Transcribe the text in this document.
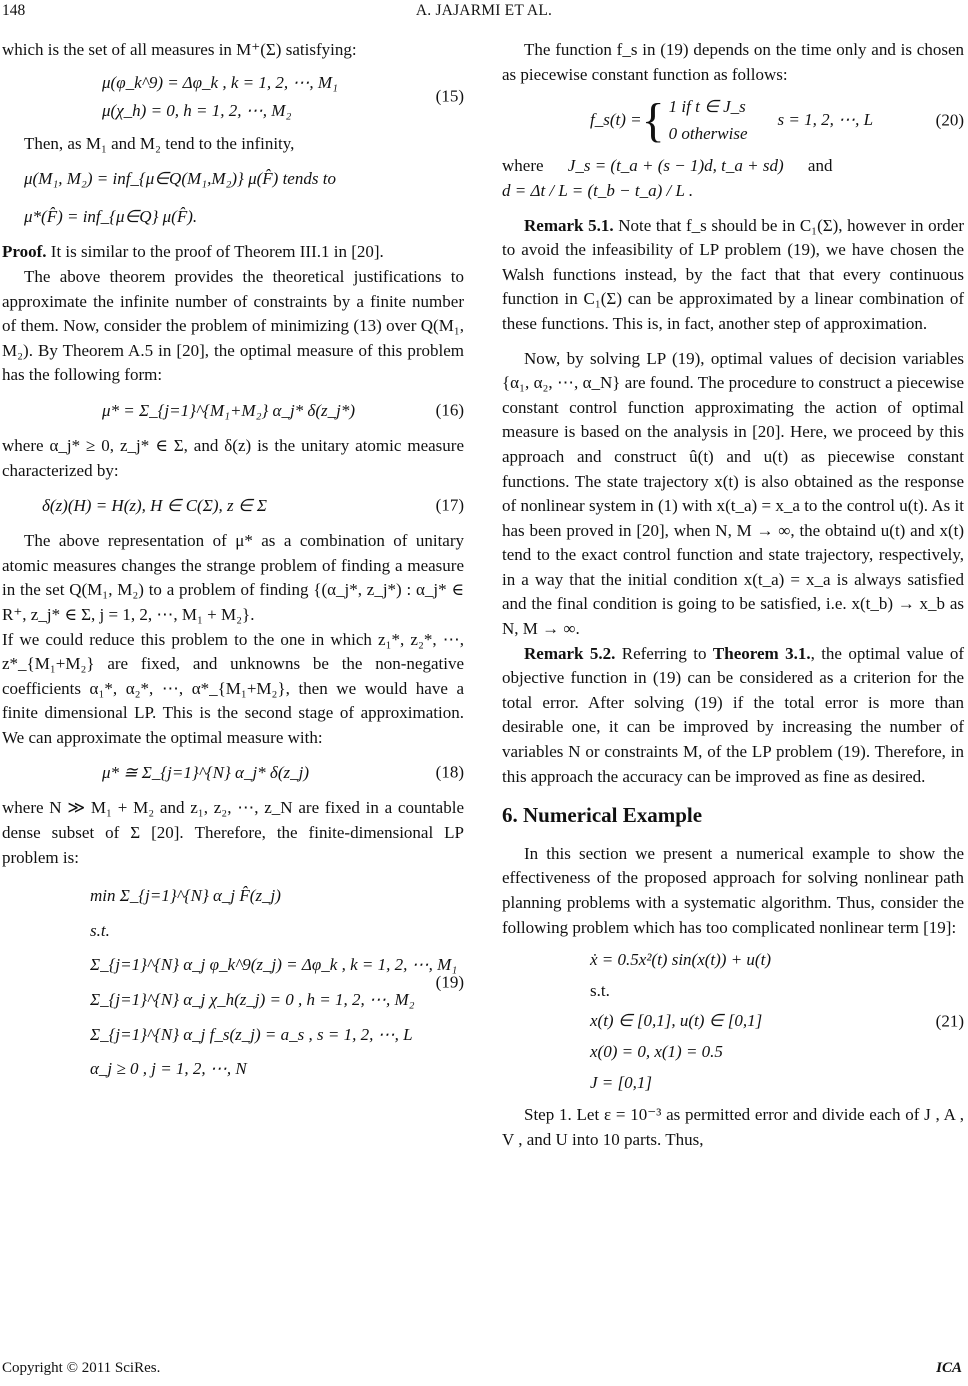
148	A. JAJARMI ET AL.

which is the set of all measures in M⁺(Σ) satisfying:

μ(φ_k^9) = Δφ_k , k = 1, 2, ⋯, M₁
μ(χ_h) = 0, h = 1, 2, ⋯, M₂
(15)

Then, as M₁ and M₂ tend to the infinity,

μ(M₁, M₂) = inf_{μ∈Q(M₁,M₂)} μ(F̂) tends to
μ*(F̂) = inf_{μ∈Q} μ(F̂).

Proof. It is similar to the proof of Theorem III.1 in [20].

The above theorem provides the theoretical justifications to approximate the infinite number of constraints by a finite number of them. Now, consider the problem of minimizing (13) over Q(M₁, M₂). By Theorem A.5 in [20], the optimal measure of this problem has the following form:

μ* = Σ_{j=1}^{M₁+M₂} α_j* δ(z_j*)	(16)

where α_j* ≥ 0, z_j* ∈ Σ, and δ(z) is the unitary atomic measure characterized by:

δ(z)(H) = H(z), H ∈ C(Σ), z ∈ Σ	(17)

The above representation of μ* as a combination of unitary atomic measures changes the strange problem of finding a measure in the set Q(M₁, M₂) to a problem of finding {(α_j*, z_j*) : α_j* ∈ R⁺, z_j* ∈ Σ, j = 1, 2, ⋯, M₁ + M₂}.

If we could reduce this problem to the one in which z₁*, z₂*, ⋯, z*_{M₁+M₂} are fixed, and unknowns be the non-negative coefficients α₁*, α₂*, ⋯, α*_{M₁+M₂}, then we would have a finite dimensional LP. This is the second stage of approximation. We can approximate the optimal measure with:

μ* ≅ Σ_{j=1}^{N} α_j* δ(z_j)	(18)

where N ≫ M₁ + M₂ and z₁, z₂, ⋯, z_N are fixed in a countable dense subset of Σ [20]. Therefore, the finite-dimensional LP problem is:

min Σ_{j=1}^{N} α_j F̂(z_j)
s.t.
Σ_{j=1}^{N} α_j φ_k^9(z_j) = Δφ_k , k = 1, 2, ⋯, M₁
Σ_{j=1}^{N} α_j χ_h(z_j) = 0 , h = 1, 2, ⋯, M₂
Σ_{j=1}^{N} α_j f_s(z_j) = a_s , s = 1, 2, ⋯, L
α_j ≥ 0 , j = 1, 2, ⋯, N
(19)

The function f_s in (19) depends on the time only and is chosen as piecewise constant function as follows:

f_s(t) = { 1 if t ∈ J_s
0 otherwise
s = 1, 2, ⋯, L	(20)

where J_s = (t_a + (s − 1)d, t_a + sd) and

d = Δt / L = (t_b − t_a) / L .

Remark 5.1. Note that f_s should be in C₁(Σ), however in order to avoid the infeasibility of LP problem (19), we have chosen the Walsh functions instead, by the fact that that every continuous function in C₁(Σ) can be approximated by a linear combination of these functions. This is, in fact, another step of approximation.

Now, by solving LP (19), optimal values of decision variables {α₁, α₂, ⋯, α_N} are found. The procedure to construct a piecewise constant control function approximating the action of optimal measure is based on the analysis in [20]. Here, we proceed by this approach and construct û(t) and u(t) as piecewise constant functions. The state trajectory x(t) is also obtained as the response of nonlinear system in (1) with x(t_a) = x_a to the control u(t). As it has been proved in [20], when N, M → ∞, the obtaind u(t) and x(t) tend to the exact control function and state trajectory, respectively, in a way that the initial condition x(t_a) = x_a is always satisfied and the final condition is going to be satisfied, i.e. x(t_b) → x_b as N, M → ∞.

Remark 5.2. Referring to Theorem 3.1., the optimal value of objective function in (19) can be considered as a criterion for the total error. After solving (19) if the total error is more than desirable one, it can be improved by increasing the number of variables N or constraints M, of the LP problem (19). Therefore, in this approach the accuracy can be improved as fine as desired.

6. Numerical Example

In this section we present a numerical example to show the effectiveness of the proposed approach for solving nonlinear path planning problems with a systematic algorithm. Thus, consider the following problem which has too complicated nonlinear term [19]:

ẋ = 0.5x²(t) sin(x(t)) + u(t)
s.t.
x(t) ∈ [0,1], u(t) ∈ [0,1]
x(0) = 0, x(1) = 0.5
J = [0,1]
(21)

Step 1. Let ε = 10⁻³ as permitted error and divide each of J , A , V , and U into 10 parts. Thus,

Copyright © 2011 SciRes.	ICA
